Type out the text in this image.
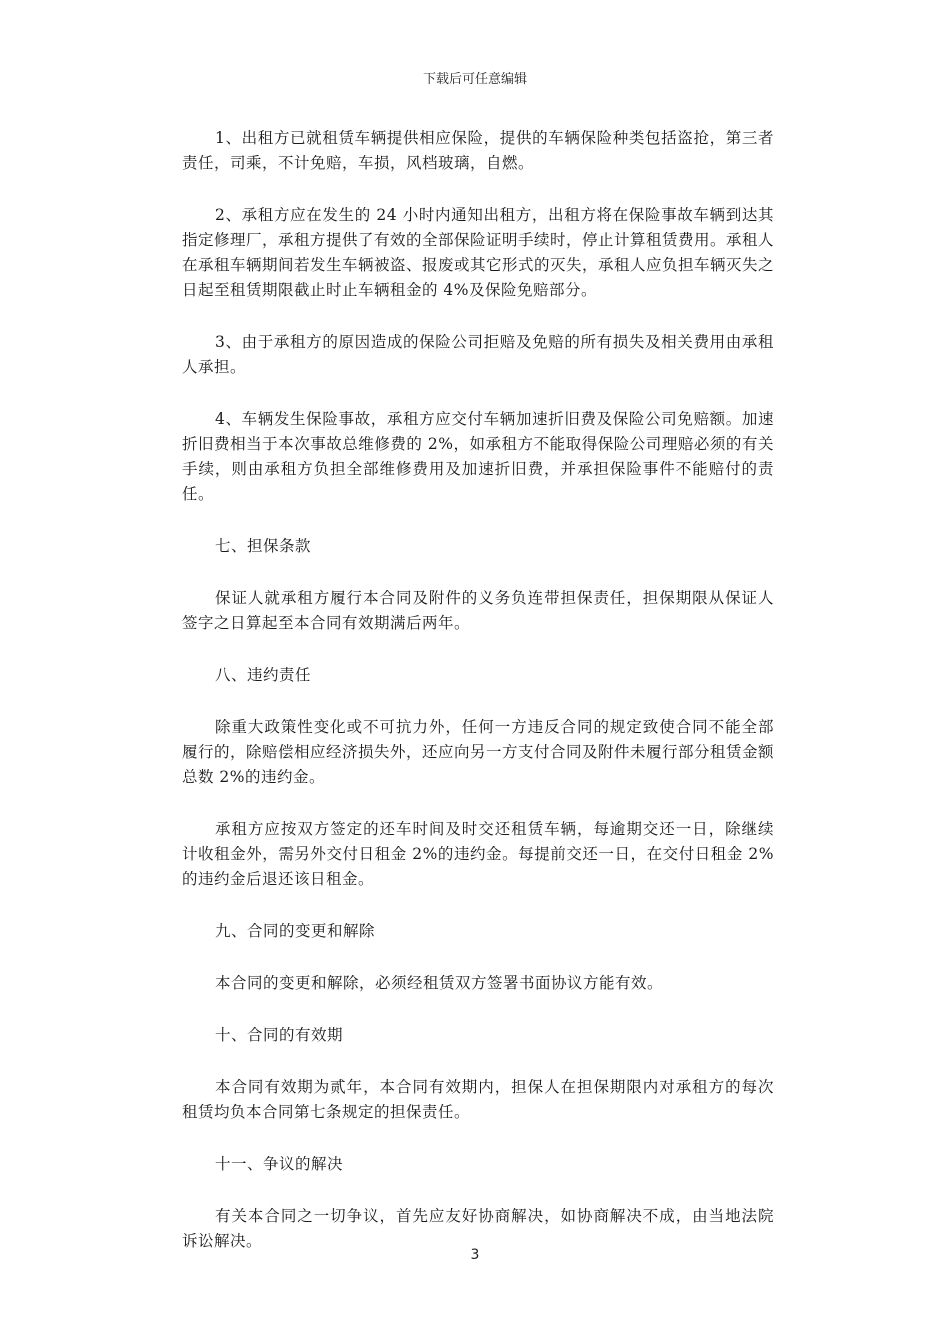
下载后可任意编辑

1、出租方已就租赁车辆提供相应保险，提供的车辆保险种类包括盗抢，第三者责任，司乘，不计免赔，车损，风档玻璃，自燃。

2、承租方应在发生的 24 小时内通知出租方，出租方将在保险事故车辆到达其指定修理厂，承租方提供了有效的全部保险证明手续时，停止计算租赁费用。承租人在承租车辆期间若发生车辆被盗、报废或其它形式的灭失，承租人应负担车辆灭失之日起至租赁期限截止时止车辆租金的 4%及保险免赔部分。

3、由于承租方的原因造成的保险公司拒赔及免赔的所有损失及相关费用由承租人承担。

4、车辆发生保险事故，承租方应交付车辆加速折旧费及保险公司免赔额。加速折旧费相当于本次事故总维修费的 2%，如承租方不能取得保险公司理赔必须的有关手续，则由承租方负担全部维修费用及加速折旧费，并承担保险事件不能赔付的责任。

七、担保条款

保证人就承租方履行本合同及附件的义务负连带担保责任，担保期限从保证人签字之日算起至本合同有效期满后两年。

八、违约责任

除重大政策性变化或不可抗力外，任何一方违反合同的规定致使合同不能全部履行的，除赔偿相应经济损失外，还应向另一方支付合同及附件未履行部分租赁金额总数 2%的违约金。

承租方应按双方签定的还车时间及时交还租赁车辆，每逾期交还一日，除继续计收租金外，需另外交付日租金 2%的违约金。每提前交还一日，在交付日租金 2%的违约金后退还该日租金。

九、合同的变更和解除

本合同的变更和解除，必须经租赁双方签署书面协议方能有效。

十、合同的有效期

本合同有效期为贰年，本合同有效期内，担保人在担保期限内对承租方的每次租赁均负本合同第七条规定的担保责任。

十一、争议的解决

有关本合同之一切争议，首先应友好协商解决，如协商解决不成，由当地法院诉讼解决。

3
